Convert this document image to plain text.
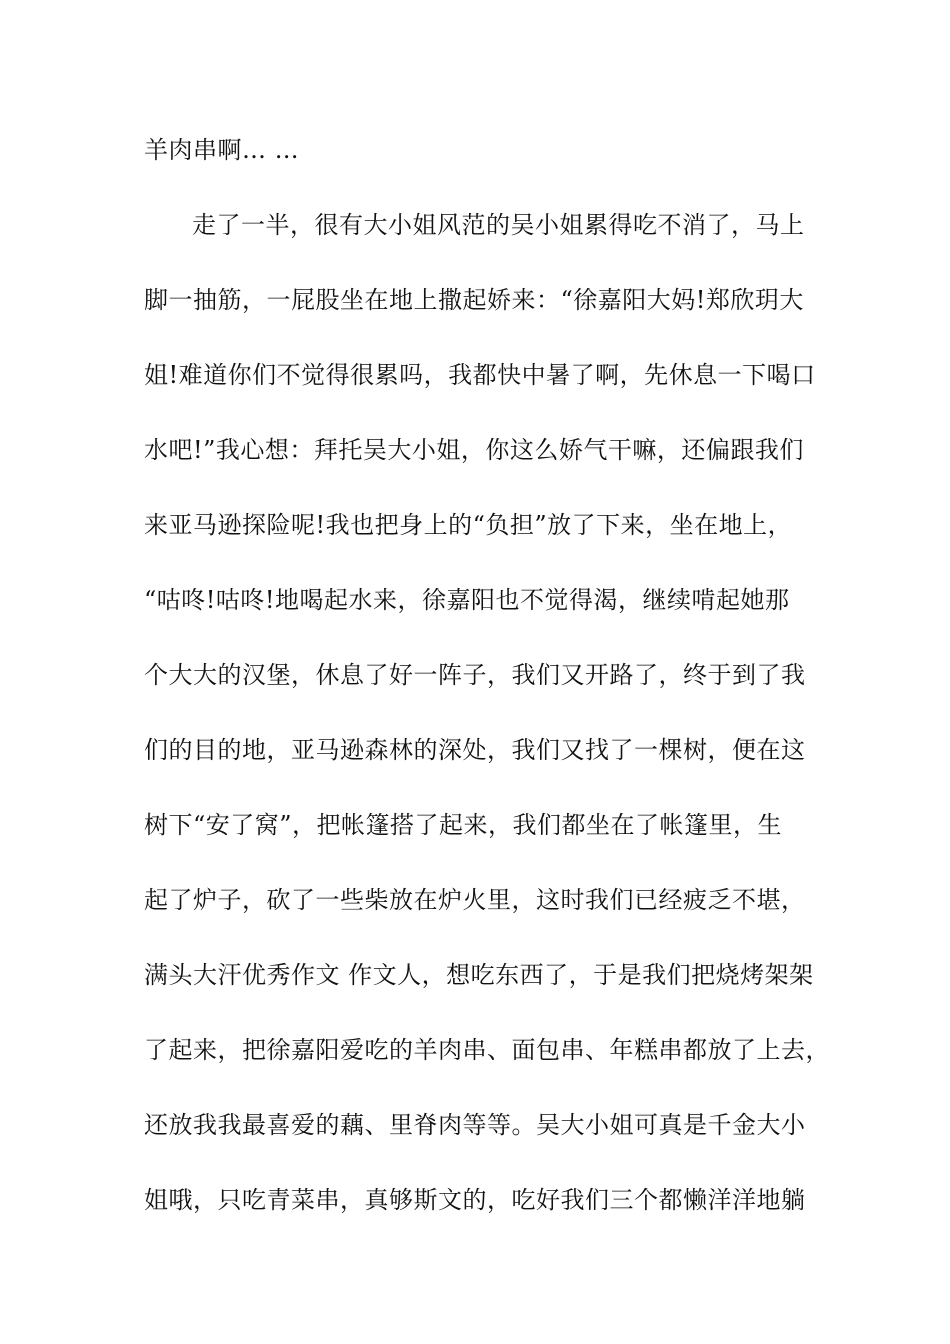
羊肉串啊… …
走了一半，很有大小姐风范的吴小姐累得吃不消了，马上
脚一抽筋，一屁股坐在地上撒起娇来：“徐嘉阳大妈!郑欣玥大
姐!难道你们不觉得很累吗，我都快中暑了啊，先休息一下喝口
水吧!”我心想：拜托吴大小姐，你这么娇气干嘛，还偏跟我们
来亚马逊探险呢!我也把身上的“负担”放了下来，坐在地上，
“咕咚!咕咚!地喝起水来，徐嘉阳也不觉得渴，继续啃起她那
个大大的汉堡，休息了好一阵子，我们又开路了，终于到了我
们的目的地，亚马逊森林的深处，我们又找了一棵树，便在这
树下“安了窝”，把帐篷搭了起来，我们都坐在了帐篷里，生
起了炉子，砍了一些柴放在炉火里，这时我们已经疲乏不堪，
满头大汗优秀作文 作文人，想吃东西了，于是我们把烧烤架架
了起来，把徐嘉阳爱吃的羊肉串、面包串、年糕串都放了上去，
还放我我最喜爱的藕、里脊肉等等。吴大小姐可真是千金大小
姐哦，只吃青菜串，真够斯文的，吃好我们三个都懒洋洋地躺
